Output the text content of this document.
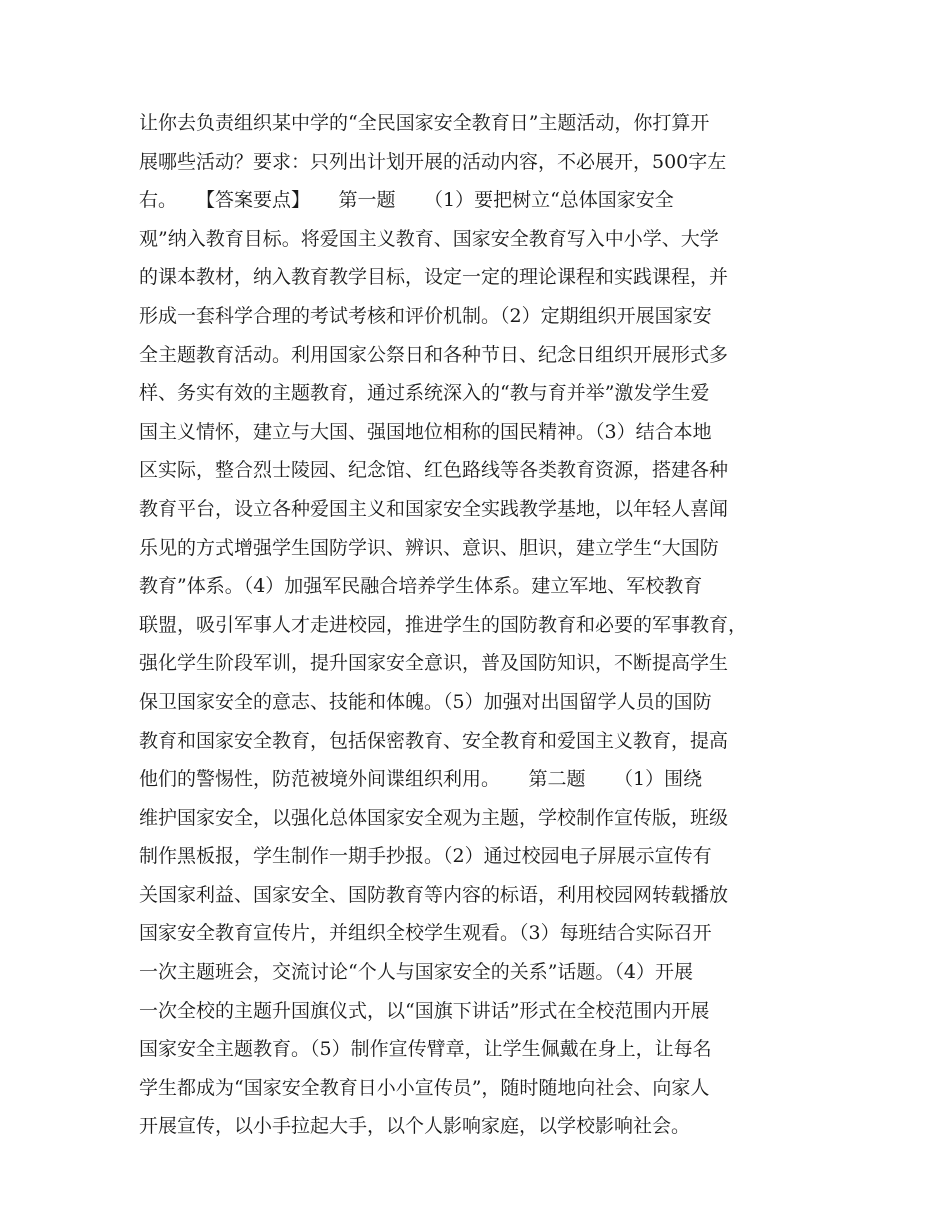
让你去负责组织某中学的“全民国家安全教育日”主题活动，你打算开
展哪些活动？要求：只列出计划开展的活动内容，不必展开，500字左
右。　　【答案要点】　　第一题　　（1）要把树立“总体国家安全
观”纳入教育目标。将爱国主义教育、国家安全教育写入中小学、大学
的课本教材，纳入教育教学目标，设定一定的理论课程和实践课程，并
形成一套科学合理的考试考核和评价机制。（2）定期组织开展国家安
全主题教育活动。利用国家公祭日和各种节日、纪念日组织开展形式多
样、务实有效的主题教育，通过系统深入的“教与育并举”激发学生爱
国主义情怀，建立与大国、强国地位相称的国民精神。（3）结合本地
区实际，整合烈士陵园、纪念馆、红色路线等各类教育资源，搭建各种
教育平台，设立各种爱国主义和国家安全实践教学基地，以年轻人喜闻
乐见的方式增强学生国防学识、辨识、意识、胆识，建立学生“大国防
教育”体系。（4）加强军民融合培养学生体系。建立军地、军校教育
联盟，吸引军事人才走进校园，推进学生的国防教育和必要的军事教育，
强化学生阶段军训，提升国家安全意识，普及国防知识，不断提高学生
保卫国家安全的意志、技能和体魄。（5）加强对出国留学人员的国防
教育和国家安全教育，包括保密教育、安全教育和爱国主义教育，提高
他们的警惕性，防范被境外间谍组织利用。　　第二题　　（1）围绕
维护国家安全，以强化总体国家安全观为主题，学校制作宣传版，班级
制作黑板报，学生制作一期手抄报。（2）通过校园电子屏展示宣传有
关国家利益、国家安全、国防教育等内容的标语，利用校园网转载播放
国家安全教育宣传片，并组织全校学生观看。（3）每班结合实际召开
一次主题班会，交流讨论“个人与国家安全的关系”话题。（4）开展
一次全校的主题升国旗仪式，以“国旗下讲话”形式在全校范围内开展
国家安全主题教育。（5）制作宣传臂章，让学生佩戴在身上，让每名
学生都成为“国家安全教育日小小宣传员”，随时随地向社会、向家人
开展宣传，以小手拉起大手，以个人影响家庭，以学校影响社会。
